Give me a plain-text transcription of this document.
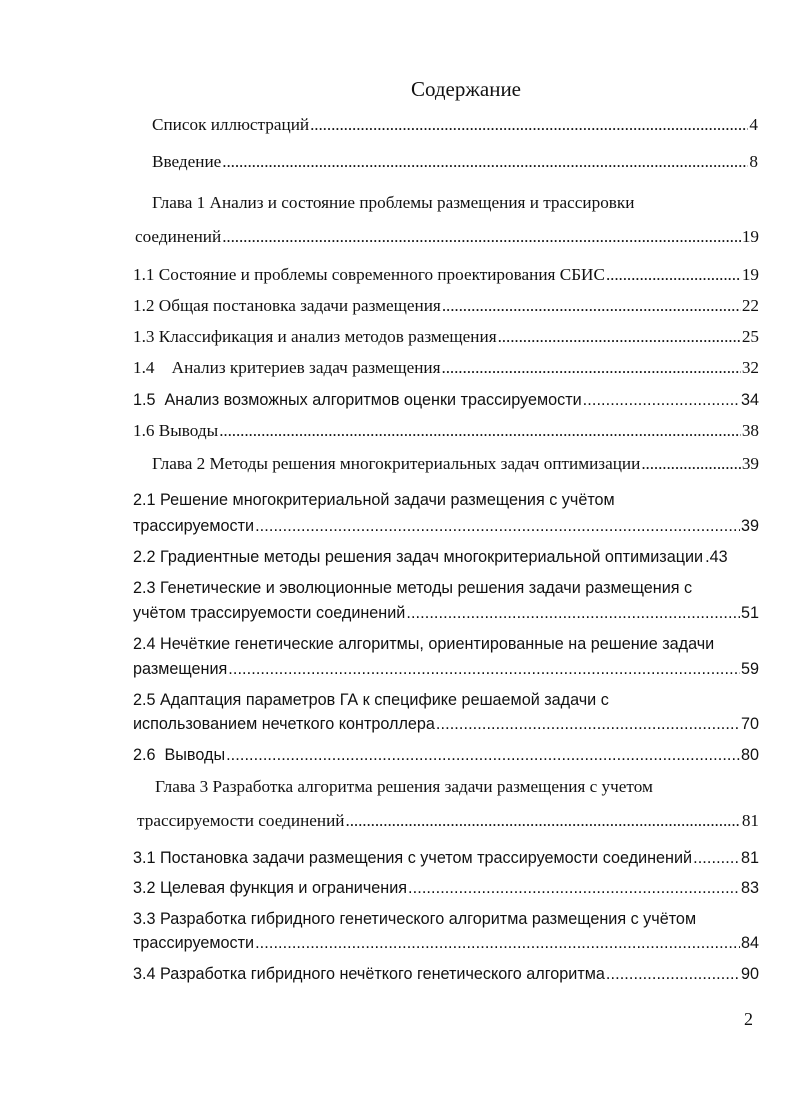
Содержание
Список иллюстраций . . .	4
Введение . . .	8
Глава 1 Анализ и состояние проблемы размещения и трассировки
соединений . . .	19
1.1 Состояние и проблемы современного проектирования СБИС . . .	19
1.2 Общая постановка задачи размещения . . .	22
1.3 Классификация и анализ методов размещения . . .	25
1.4    Анализ критериев задач размещения . . .	32
1.5  Анализ возможных алгоритмов оценки трассируемости . . .	34
1.6 Выводы . . .	38
Глава 2 Методы решения многокритериальных задач оптимизации . . .	39
2.1 Решение многокритериальной задачи размещения с учётом
трассируемости . . .	39
2.2 Градиентные методы решения задач многокритериальной оптимизации .43
2.3 Генетические и эволюционные методы решения задачи размещения с
учётом трассируемости соединений . . .	51
2.4 Нечёткие генетические алгоритмы, ориентированные на решение задачи
размещения . . .	59
2.5 Адаптация параметров ГА к специфике решаемой задачи с
использованием нечеткого контроллера . . .	70
2.6  Выводы . . .	80
Глава 3 Разработка алгоритма решения задачи размещения с учетом
трассируемости соединений . . .	81
3.1 Постановка задачи размещения с учетом трассируемости соединений . . .	81
3.2 Целевая функция и ограничения . . .	83
3.3 Разработка гибридного генетического алгоритма размещения с учётом
трассируемости . . .	84
3.4 Разработка гибридного нечёткого генетического алгоритма . . .	90
2
